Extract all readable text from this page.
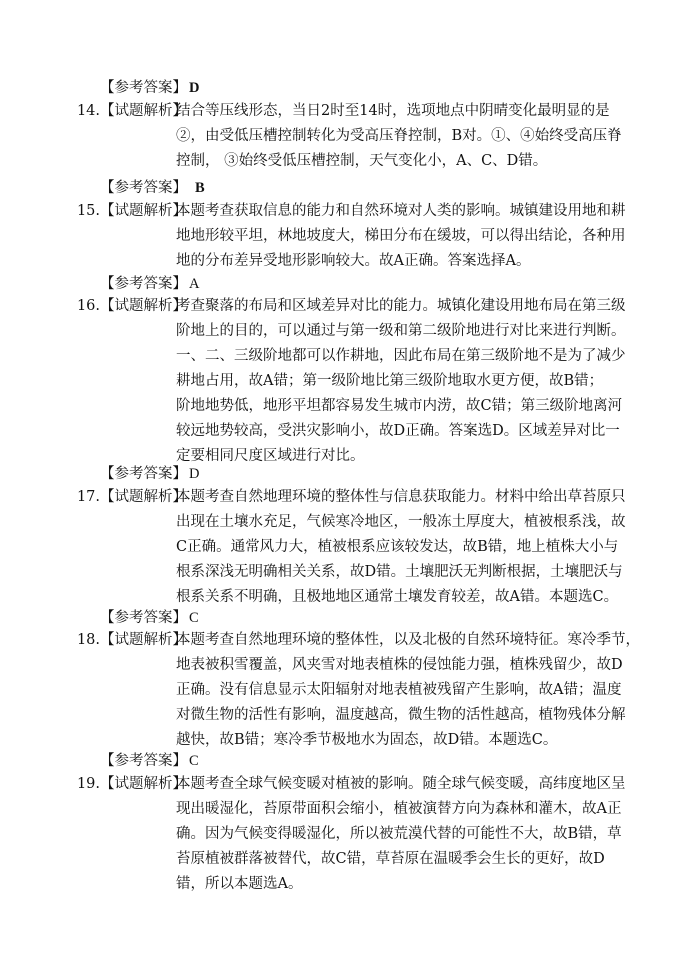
【参考答案】 D
14. 【试题解析】
结合等压线形态，当日2时至14时，选项地点中阴晴变化最明显的是
②，由受低压槽控制转化为受高压脊控制，B对。①、④始终受高压脊
控制， ③始终受低压槽控制，天气变化小，A、C、D错。
【参考答案】 B
15. 【试题解析】
本题考查获取信息的能力和自然环境对人类的影响。城镇建设用地和耕
地地形较平坦，林地坡度大，梯田分布在缓坡，可以得出结论，各种用
地的分布差异受地形影响较大。故A正确。答案选择A。
【参考答案】 A
16. 【试题解析】
考查聚落的布局和区域差异对比的能力。城镇化建设用地布局在第三级
阶地上的目的，可以通过与第一级和第二级阶地进行对比来进行判断。
一、二、三级阶地都可以作耕地，因此布局在第三级阶地不是为了减少
耕地占用，故A错；第一级阶地比第三级阶地取水更方便，故B错；
阶地地势低，地形平坦都容易发生城市内涝，故C错；第三级阶地离河
较远地势较高，受洪灾影响小，故D正确。答案选D。区域差异对比一
定要相同尺度区域进行对比。
【参考答案】 D
17. 【试题解析】
本题考查自然地理环境的整体性与信息获取能力。材料中给出草苔原只
出现在土壤水充足，气候寒冷地区，一般冻土厚度大，植被根系浅，故
C正确。通常风力大，植被根系应该较发达，故B错，地上植株大小与
根系深浅无明确相关关系，故D错。土壤肥沃无判断根据，土壤肥沃与
根系关系不明确，且极地地区通常土壤发育较差，故A错。本题选C。
【参考答案】 C
18. 【试题解析】
本题考查自然地理环境的整体性，以及北极的自然环境特征。寒冷季节，
地表被积雪覆盖，风夹雪对地表植株的侵蚀能力强，植株残留少，故D
正确。没有信息显示太阳辐射对地表植被残留产生影响，故A错；温度
对微生物的活性有影响，温度越高，微生物的活性越高，植物残体分解
越快，故B错；寒冷季节极地水为固态，故D错。本题选C。
【参考答案】 C
19. 【试题解析】
本题考查全球气候变暖对植被的影响。随全球气候变暖，高纬度地区呈
现出暖湿化，苔原带面积会缩小，植被演替方向为森林和灌木，故A正
确。因为气候变得暖湿化，所以被荒漠代替的可能性不大，故B错，草
苔原植被群落被替代，故C错，草苔原在温暖季会生长的更好，故D
错，所以本题选A。
